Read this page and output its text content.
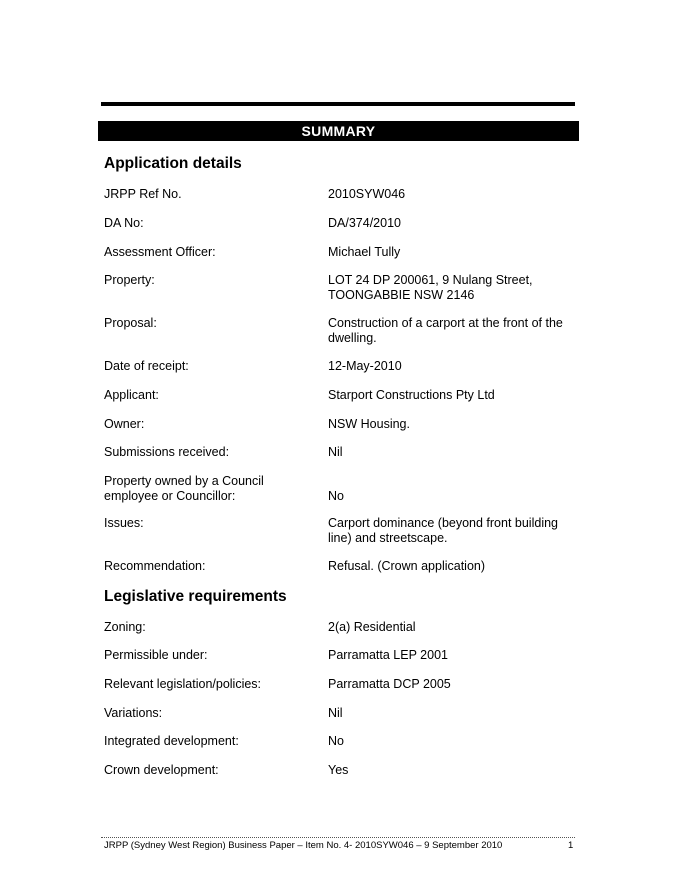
SUMMARY
Application details
JRPP Ref No.	2010SYW046
DA No:	DA/374/2010
Assessment Officer:	Michael Tully
Property:	LOT 24 DP 200061, 9 Nulang Street,
TOONGABBIE NSW 2146
Proposal:	Construction of a carport at the front of the
dwelling.
Date of receipt:	12-May-2010
Applicant:	Starport Constructions Pty Ltd
Owner:	NSW Housing.
Submissions received:	Nil
Property owned by a Council
employee or Councillor:	No
Issues:	Carport dominance (beyond front building
line) and streetscape.
Recommendation:	Refusal. (Crown application)
Legislative requirements
Zoning:	2(a) Residential
Permissible under:	Parramatta LEP 2001
Relevant legislation/policies:	Parramatta DCP 2005
Variations:	Nil
Integrated development:	No
Crown development:	Yes
JRPP (Sydney West Region) Business Paper – Item No. 4- 2010SYW046 – 9 September 2010	1
